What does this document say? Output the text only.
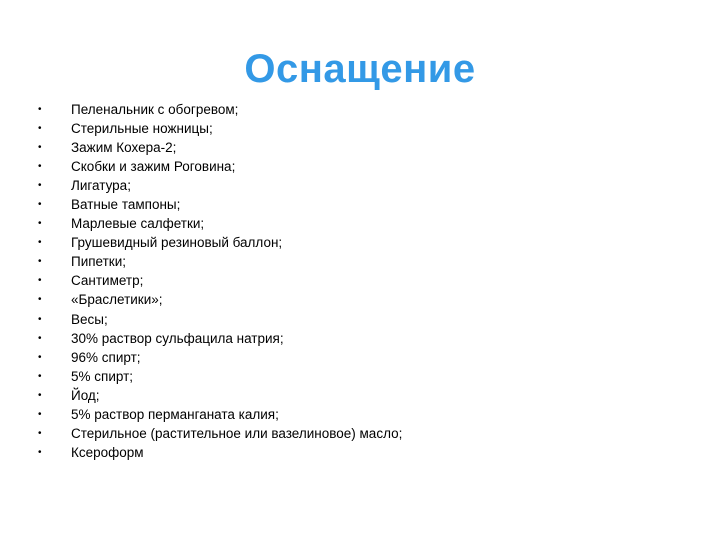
Оснащение
•	Пеленальник с обогревом;
•	Стерильные ножницы;
•	Зажим Кохера-2;
•	Скобки и зажим Роговина;
•	Лигатура;
•	Ватные тампоны;
•	Марлевые салфетки;
•	Грушевидный резиновый баллон;
•	Пипетки;
•	Сантиметр;
•	«Браслетики»;
•	Весы;
•	30% раствор сульфацила натрия;
•	96% спирт;
•	5% спирт;
•	Йод;
•	5% раствор перманганата калия;
•	Стерильное (растительное или вазелиновое) масло;
•	Ксероформ
